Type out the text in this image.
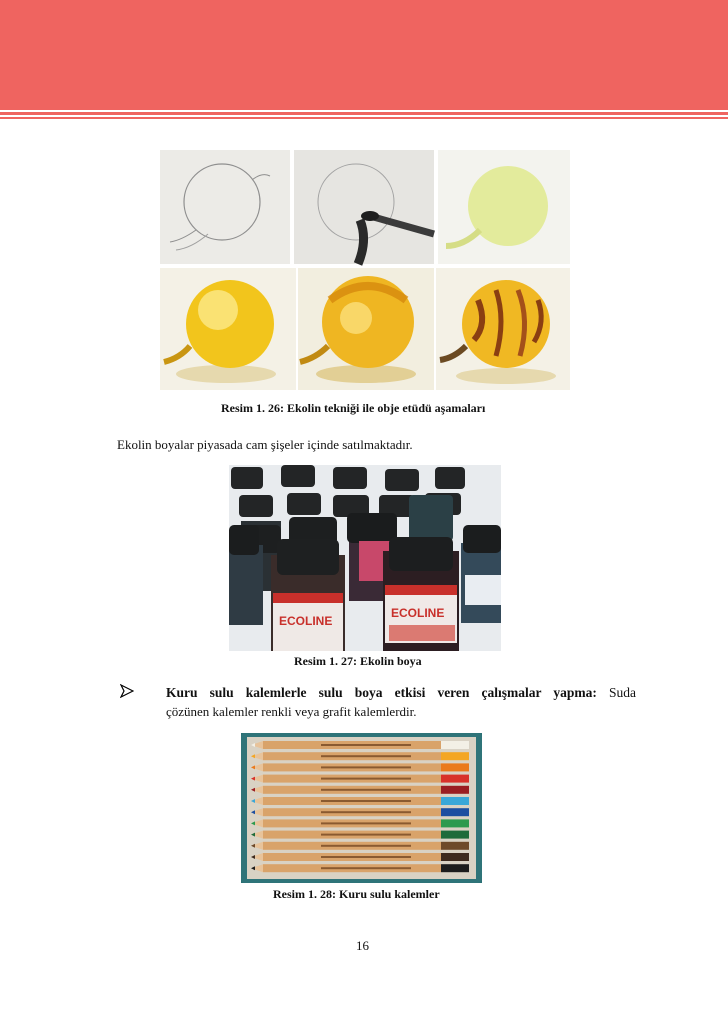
Resim 1. 26: Ekolin tekniği ile obje etüdü aşamaları
Ekolin boyalar piyasada cam şişeler içinde satılmaktadır.
ECOLINE
ECOLINE
Resim 1. 27: Ekolin boya
Kuru sulu kalemlerle sulu boya etkisi veren çalışmalar yapma: Suda
çözünen kalemler renkli veya grafit kalemlerdir.
Resim 1. 28: Kuru sulu kalemler
16
